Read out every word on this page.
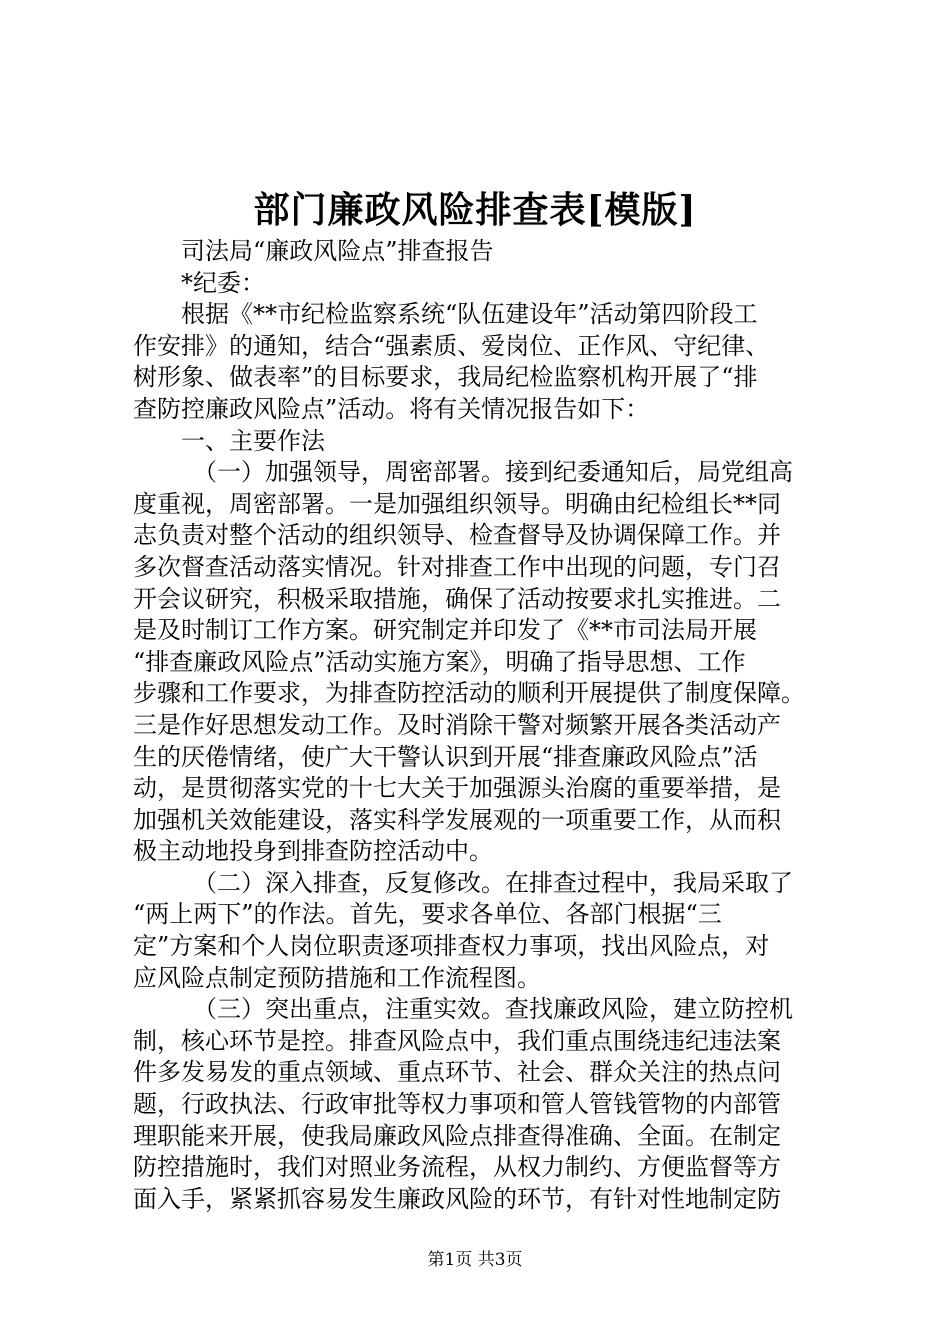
部门廉政风险排查表[模版]
司法局“廉政风险点”排查报告
*纪委：
根据《**市纪检监察系统“队伍建设年”活动第四阶段工
作安排》的通知，结合“强素质、爱岗位、正作风、守纪律、
树形象、做表率”的目标要求，我局纪检监察机构开展了“排
查防控廉政风险点”活动。将有关情况报告如下：
一、主要作法
（一）加强领导，周密部署。接到纪委通知后，局党组高
度重视，周密部署。一是加强组织领导。明确由纪检组长**同
志负责对整个活动的组织领导、检查督导及协调保障工作。并
多次督查活动落实情况。针对排查工作中出现的问题，专门召
开会议研究，积极采取措施，确保了活动按要求扎实推进。二
是及时制订工作方案。研究制定并印发了《**市司法局开展
“排查廉政风险点”活动实施方案》，明确了指导思想、工作
步骤和工作要求，为排查防控活动的顺利开展提供了制度保障。
三是作好思想发动工作。及时消除干警对频繁开展各类活动产
生的厌倦情绪，使广大干警认识到开展“排查廉政风险点”活
动，是贯彻落实党的十七大关于加强源头治腐的重要举措，是
加强机关效能建设，落实科学发展观的一项重要工作，从而积
极主动地投身到排查防控活动中。
（二）深入排查，反复修改。在排查过程中，我局采取了
“两上两下”的作法。首先，要求各单位、各部门根据“三
定”方案和个人岗位职责逐项排查权力事项，找出风险点，对
应风险点制定预防措施和工作流程图。
（三）突出重点，注重实效。查找廉政风险，建立防控机
制，核心环节是控。排查风险点中，我们重点围绕违纪违法案
件多发易发的重点领域、重点环节、社会、群众关注的热点问
题，行政执法、行政审批等权力事项和管人管钱管物的内部管
理职能来开展，使我局廉政风险点排查得准确、全面。在制定
防控措施时，我们对照业务流程，从权力制约、方便监督等方
面入手，紧紧抓容易发生廉政风险的环节，有针对性地制定防
第1页 共3页
